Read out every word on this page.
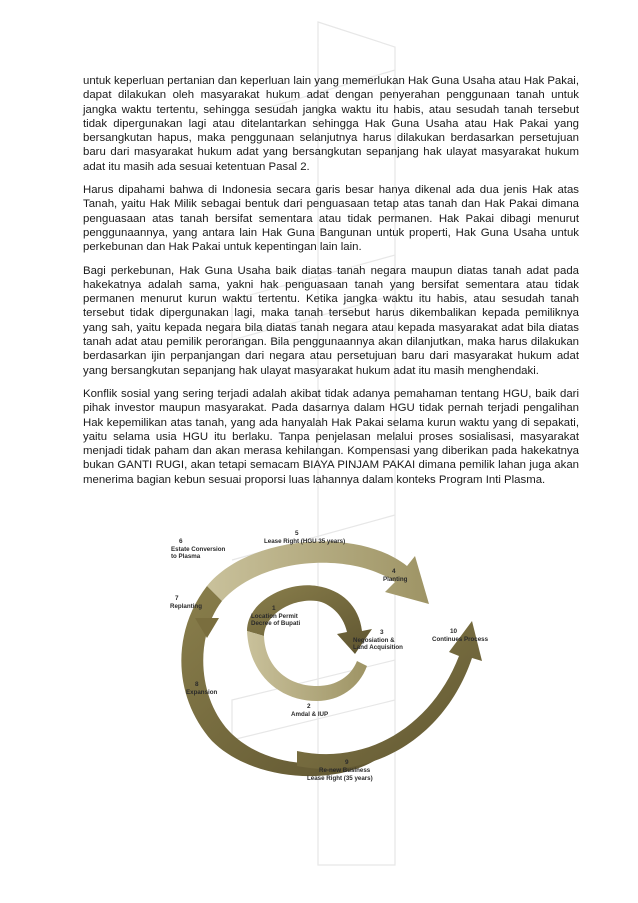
untuk keperluan pertanian dan keperluan lain yang memerlukan Hak Guna Usaha atau Hak Pakai, dapat dilakukan oleh masyarakat hukum adat dengan penyerahan penggunaan tanah untuk jangka waktu tertentu, sehingga sesudah jangka waktu itu habis, atau sesudah tanah tersebut tidak dipergunakan lagi atau ditelantarkan sehingga Hak Guna Usaha atau Hak Pakai yang bersangkutan hapus, maka penggunaan selanjutnya harus dilakukan berdasarkan persetujuan baru dari masyarakat hukum adat yang bersangkutan sepanjang hak ulayat masyarakat hukum adat itu masih ada sesuai ketentuan Pasal 2.

Harus dipahami bahwa di Indonesia secara garis besar hanya dikenal ada dua jenis Hak atas Tanah, yaitu Hak Milik sebagai bentuk dari penguasaan tetap atas tanah dan Hak Pakai dimana penguasaan atas tanah bersifat sementara atau tidak permanen. Hak Pakai dibagi menurut penggunaannya, yang antara lain Hak Guna Bangunan untuk properti, Hak Guna Usaha untuk perkebunan dan Hak Pakai untuk kepentingan lain lain.

Bagi perkebunan, Hak Guna Usaha baik diatas tanah negara maupun diatas tanah adat pada hakekatnya adalah sama, yakni hak penguasaan tanah yang bersifat sementara atau tidak permanen menurut kurun waktu tertentu. Ketika jangka waktu itu habis, atau sesudah tanah tersebut tidak dipergunakan lagi, maka tanah tersebut harus dikembalikan kepada pemiliknya yang sah, yaitu kepada negara bila diatas tanah negara atau kepada masyarakat adat bila diatas tanah adat atau pemilik perorangan. Bila penggunaannya akan dilanjutkan, maka harus dilakukan berdasarkan ijin perpanjangan dari negara atau persetujuan baru dari masyarakat hukum adat yang bersangkutan sepanjang hak ulayat masyarakat hukum adat itu masih menghendaki.

Konflik sosial yang sering terjadi adalah akibat tidak adanya pemahaman tentang HGU, baik dari pihak investor maupun masyarakat. Pada dasarnya dalam HGU tidak pernah terjadi pengalihan Hak kepemilikan atas tanah, yang ada hanyalah Hak Pakai selama kurun waktu yang di sepakati, yaitu selama usia HGU itu berlaku. Tanpa penjelasan melalui proses sosialisasi, masyarakat menjadi tidak paham dan akan merasa kehilangan. Kompensasi yang diberikan pada hakekatnya bukan GANTI RUGI, akan tetapi semacam BIAYA PINJAM PAKAI dimana pemilik lahan juga akan menerima bagian kebun sesuai proporsi luas lahannya dalam konteks Program Inti Plasma.

5
Lease Right (HGU 35 years)
6
Estate Conversion
to Plasma
4
Planting
7
Replanting	1
Location Permit
Decree of Bupati
10
Continues Process
3
Negosiation &
Land Acquisition
8
Expansion
2
Amdal & IUP
9
Re-new Business
Lease Right (35 years)
